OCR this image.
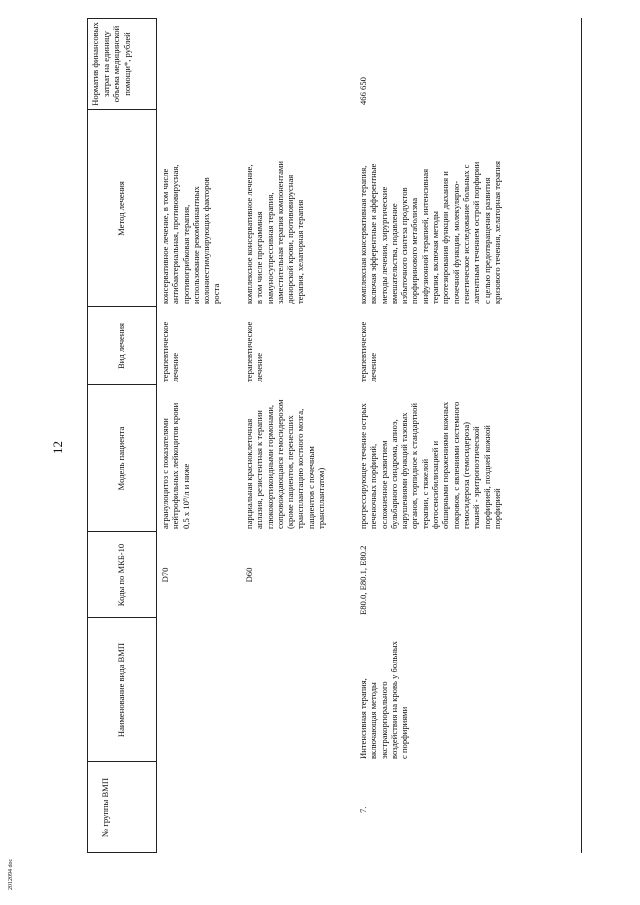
12
2012094 doc
№ группы ВМП
Наименование вида ВМП
Коды по МКБ-10
Модель пациента
Вид лечения
Метод лечения
Норматив финансовых затрат на единицу объема медицинской помощи*, рублей
D70
агранулоцитоз с показателями нейтрофильных лейкоцитов крови 0,5 x 10⁹/л и ниже
терапевтическое лечение
консервативное лечение, в том числе антибактериальная, противовирусная, противогрибковая терапия, использование рекомбинантных колониестимулирующих факторов роста
D60
парциальная красноклеточная аплазия, резистентная к терапии глюкокортикоидными гормонами, сопровождающаяся гемосидерозом (кроме пациентов, перенесших трансплантацию костного мозга, пациентов с почечным трансплантатом)
терапевтическое лечение
комплексное консервативное лечение, в том числе программная иммуносупрессивная терапия, заместительная терапия компонентами донорской крови, противовирусная терапия, хелаторная терапия
7.
Интенсивная терапия, включающая методы экстракорпорального воздействия на кровь у больных с порфириями
E80.0, E80.1, E80.2
прогрессирующее течение острых печеночных порфирий, осложненное развитием бульбарного синдрома, апноэ, нарушениями функций тазовых органов, торпидное к стандартной терапии, с тяжелой фотосенсибилизацией и обширными поражениями кожных покровов, с явлениями системного гемосидероза (гемосидероза) тканей - эритропоэтической порфирией, поздней кожной порфирией
терапевтическое лечение
комплексная консервативная терапия, включая эфферентные и афферентные методы лечения, хирургические вмешательства, подавление избыточного синтеза продуктов порфиринового метаболизма инфузионной терапией, интенсивная терапия, включая методы протезирования функции дыхания и почечной функции, молекулярно- генетическое исследование больных с латентным течением острой порфирии с целью предотвращения развития кризового течения, хелаторная терапия
466 650
